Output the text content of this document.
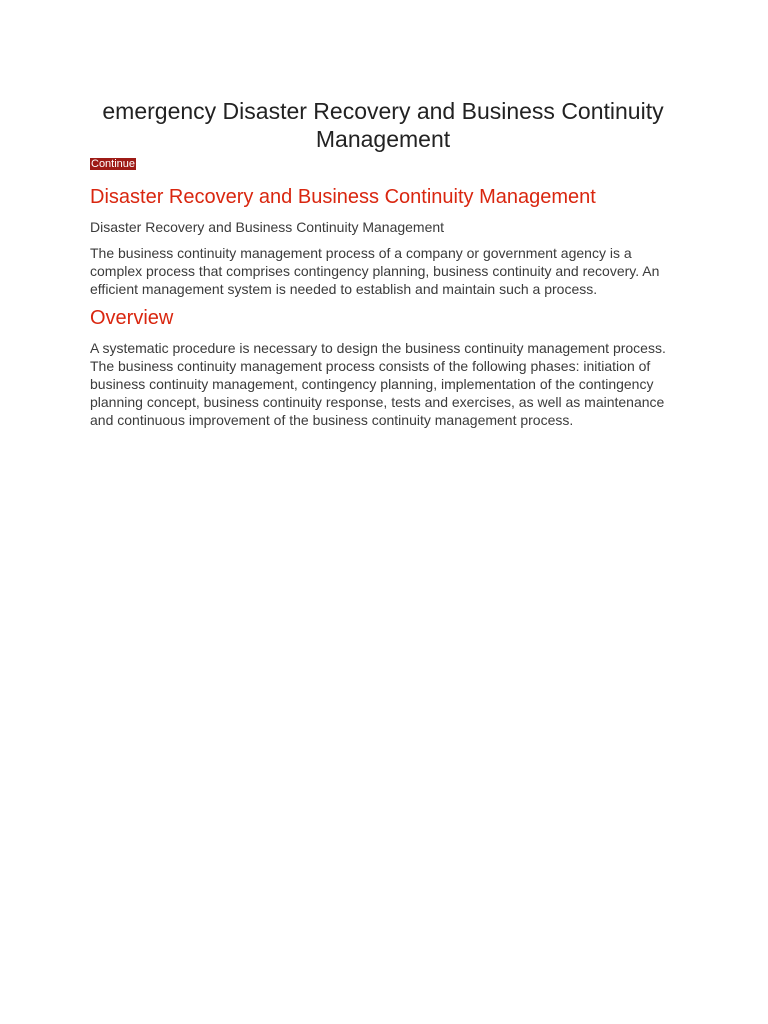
emergency Disaster Recovery and Business Continuity Management
Continue
Disaster Recovery and Business Continuity Management

Disaster Recovery and Business Continuity Management

The business continuity management process of a company or government agency is a complex process that comprises contingency planning, business continuity and recovery. An efficient management system is needed to establish and maintain such a process.

Overview

A systematic procedure is necessary to design the business continuity management process. The business continuity management process consists of the following phases: initiation of business continuity management, contingency planning, implementation of the contingency planning concept, business continuity response, tests and exercises, as well as maintenance and continuous improvement of the business continuity management process.
